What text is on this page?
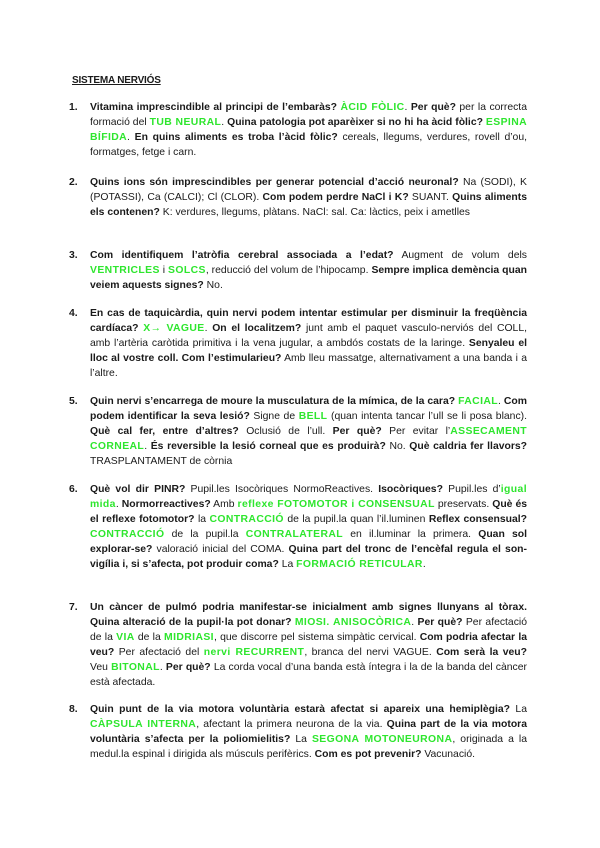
SISTEMA NERVIÓS
1. Vitamina imprescindible al principi de l’embaràs? ÀCID FÒLIC. Per què? per la correcta formació del TUB NEURAL. Quina patologia pot aparèixer si no hi ha àcid fòlic? ESPINA BÍFIDA. En quins aliments es troba l’àcid fòlic? cereals, llegums, verdures, rovell d’ou, formatges, fetge i carn.
2. Quins ions són imprescindibles per generar potencial d’acció neuronal? Na (SODI), K (POTASSI), Ca (CALCI); Cl (CLOR). Com podem perdre NaCl i K? SUANT. Quins aliments els contenen? K: verdures, llegums, plàtans. NaCl: sal. Ca: làctics, peix i ametlles
3. Com identifiquem l’atròfia cerebral associada a l’edat? Augment de volum dels VENTRICLES i SOLCS, reducció del volum de l’hipocamp. Sempre implica demència quan veiem aquests signes? No.
4. En cas de taquicàrdia, quin nervi podem intentar estimular per disminuir la freqüència cardíaca? X→ VAGUE. On el localitzem? junt amb el paquet vasculo-nerviós del COLL, amb l’artèria caròtida primitiva i la vena jugular, a ambdós costats de la laringe. Senyaleu el lloc al vostre coll. Com l’estimularieu? Amb lleu massatge, alternativament a una banda i a l’altre.
5. Quin nervi s’encarrega de moure la musculatura de la mímica, de la cara? FACIAL. Com podem identificar la seva lesió? Signe de BELL (quan intenta tancar l’ull se li posa blanc). Què cal fer, entre d’altres? Oclusió de l’ull. Per què? Per evitar l’ASSECAMENT CORNEAL. És reversible la lesió corneal que es produirà? No. Què caldria fer llavors? TRASPLANTAMENT de còrnia
6. Què vol dir PINR? Pupil.les Isocòriques NormoReactives. Isocòriques? Pupil.les d’igual mida. Normorreactives? Amb reflexe FOTOMOTOR i CONSENSUAL preservats. Què és el reflexe fotomotor? la CONTRACCIÓ de la pupil.la quan l’il.luminen Reflex consensual? CONTRACCIÓ de la pupil.la CONTRALATERAL en il.luminar la primera. Quan sol explorar-se? valoració inicial del COMA. Quina part del tronc de l’encèfal regula el son-vigília i, si s’afecta, pot produir coma? La FORMACIÓ RETICULAR.
7. Un càncer de pulmó podria manifestar-se inicialment amb signes llunyans al tòrax. Quina alteració de la pupil·la pot donar? MIOSI. ANISOCÒRICA. Per què? Per afectació de la VIA de la MIDRIASI, que discorre pel sistema simpàtic cervical. Com podria afectar la veu? Per afectació del nervi RECURRENT, branca del nervi VAGUE. Com serà la veu? Veu BITONAL. Per què? La corda vocal d’una banda està íntegra i la de la banda del càncer està afectada.
8. Quin punt de la via motora voluntària estarà afectat si apareix una hemiplègia? La CÀPSULA INTERNA, afectant la primera neurona de la via. Quina part de la via motora voluntària s’afecta per la poliomielitis? La SEGONA MOTONEURONA, originada a la medul.la espinal i dirigida als músculs perifèrics. Com es pot prevenir? Vacunació.
